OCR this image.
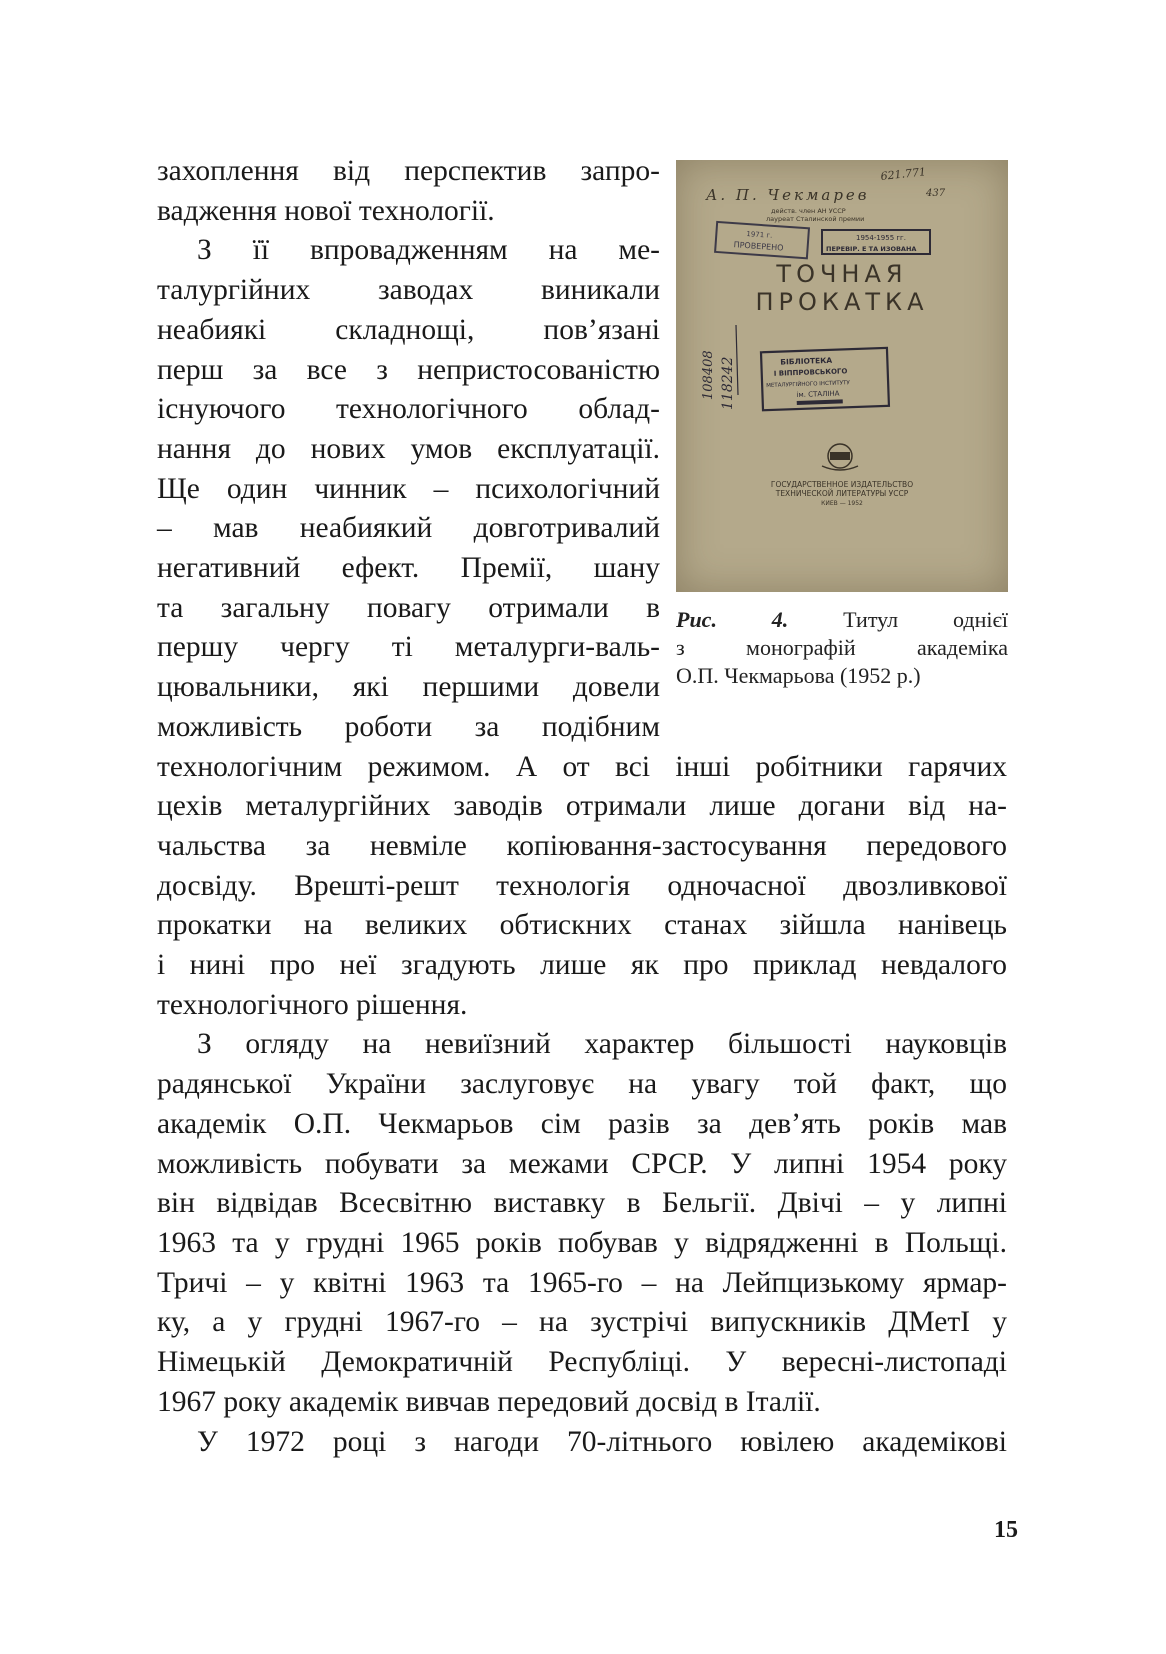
захоплення від перспектив запро-
вадження нової технології.
З її впровадженням на ме-
талургійних заводах виникали
неабиякі складнощі, пов’язані
перш за все з непристосованістю
існуючого технологічного облад-
нання до нових умов експлуатації.
Ще один чинник – психологічний
– мав неабиякий довготривалий
негативний ефект. Премії, шану
та загальну повагу отримали в
першу чергу ті металурги-валь-
цювальники, які першими довели
можливість роботи за подібним
технологічним режимом. А от всі інші робітники гарячих
цехів металургійних заводів отримали лише догани від на-
чальства за невміле копіювання-застосування передового
досвіду. Врешті-решт технологія одночасної двозливкової
прокатки на великих обтискних станах зійшла нанівець
і нині про неї згадують лише як про приклад невдалого
технологічного рішення.
З огляду на невиїзний характер більшості науковців
радянської України заслуговує на увагу той факт, що
академік О.П. Чекмарьов сім разів за дев’ять років мав
можливість побувати за межами СРСР. У липні 1954 року
він відвідав Всесвітню виставку в Бельгії. Двічі – у липні
1963 та у грудні 1965 років побував у відрядженні в Польщі.
Тричі – у квітні 1963 та 1965-го – на Лейпцизькому ярмар-
ку, а у грудні 1967-го – на зустрічі випускників ДМетІ у
Німецькій Демократичній Республіці. У вересні-листопаді
1967 року академік вивчав передовий досвід в Італії.
У 1972 році з нагоди 70-літнього ювілею академікові
621.771
А. П. Чекмарев	437
действ. член АН УССР
лауреат Сталинской премии
1971 г.
ПРОВЕРЕНО
1954-1955 гг.
ПЕРЕВІР. Е ТА ИЗОВАНА
ТОЧНАЯ
ПРОКАТКА
108408 118242	БІБЛІОТЕКА
І ВІППРОВСЬКОГО
МЕТАЛУРГІЙНОГО ІНСТИТУТУ
ім. СТАЛІНА
ГОСУДАРСТВЕННОЕ ИЗДАТЕЛЬСТВО
ТЕХНИЧЕСКОЙ ЛИТЕРАТУРЫ УССР
КИЕВ — 1952
Рис. 4. Титул однієї
з монографій академіка
О.П. Чекмарьова (1952 р.)
15
